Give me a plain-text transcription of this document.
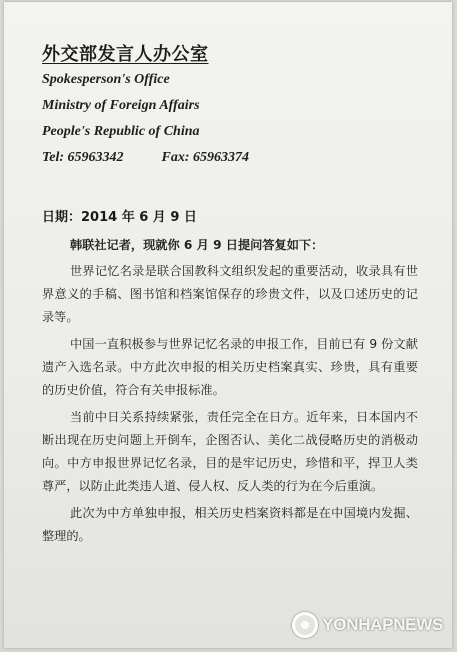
外交部发言人办公室
Spokesperson's Office
Ministry of Foreign Affairs
People's Republic of China
Tel: 65963342	Fax: 65963374
日期：2014 年 6 月 9 日

韩联社记者，现就你 6 月 9 日提问答复如下：

世界记忆名录是联合国教科文组织发起的重要活动，收录具有世界意义的手稿、图书馆和档案馆保存的珍贵文件，以及口述历史的记录等。

中国一直积极参与世界记忆名录的申报工作，目前已有 9 份文献遗产入选名录。中方此次申报的相关历史档案真实、珍贵，具有重要的历史价值，符合有关申报标准。

当前中日关系持续紧张，责任完全在日方。近年来，日本国内不断出现在历史问题上开倒车，企图否认、美化二战侵略历史的消极动向。中方申报世界记忆名录，目的是牢记历史，珍惜和平，捍卫人类尊严，以防止此类违人道、侵人权、反人类的行为在今后重演。

此次为中方单独申报，相关历史档案资料都是在中国境内发掘、整理的。

YONHAPNEWS
